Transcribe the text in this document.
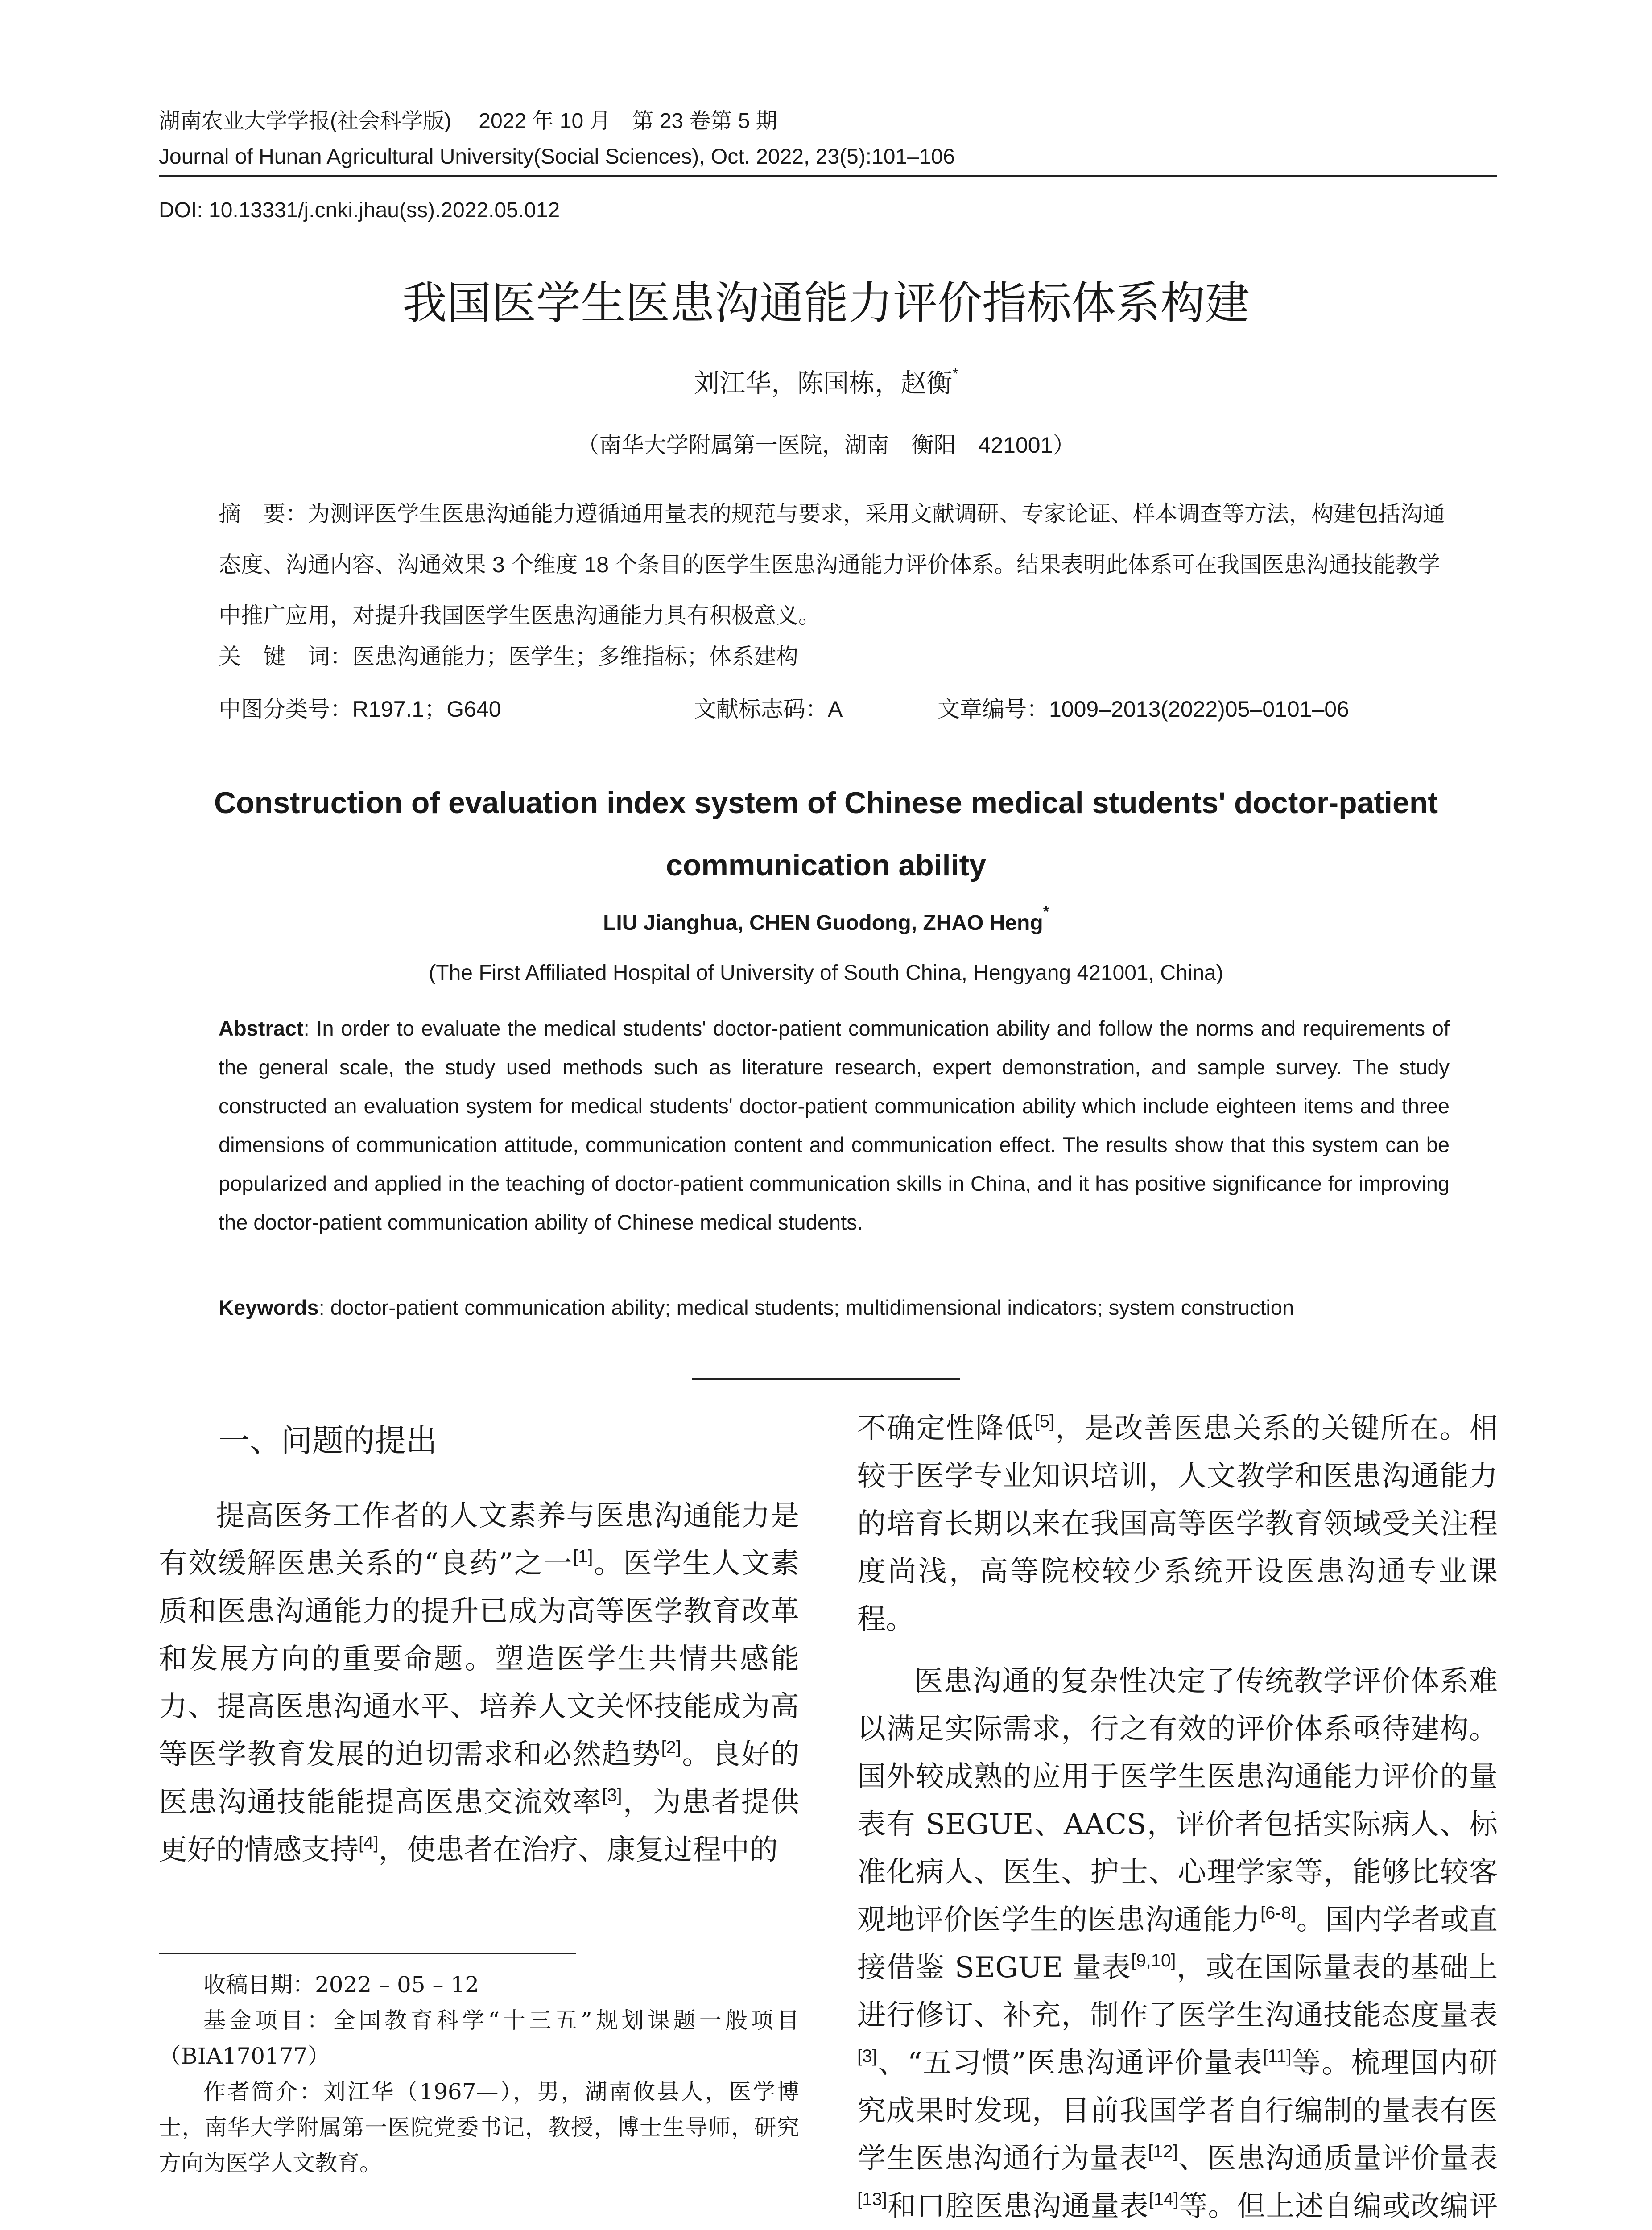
湖南农业大学学报(社会科学版)　 2022 年 10 月　第 23 卷第 5 期
Journal of Hunan Agricultural University(Social Sciences), Oct. 2022, 23(5):101–106
DOI: 10.13331/j.cnki.jhau(ss).2022.05.012
我国医学生医患沟通能力评价指标体系构建
刘江华，陈国栋，赵衡*
（南华大学附属第一医院，湖南　衡阳　421001）
摘　要：为测评医学生医患沟通能力遵循通用量表的规范与要求，采用文献调研、专家论证、样本调查等方法，构建包括沟通态度、沟通内容、沟通效果 3 个维度 18 个条目的医学生医患沟通能力评价体系。结果表明此体系可在我国医患沟通技能教学中推广应用，对提升我国医学生医患沟通能力具有积极意义。
关　键　词：医患沟通能力；医学生；多维指标；体系建构
中图分类号：R197.1；G640	文献标志码：A	文章编号：1009–2013(2022)05–0101–06
Construction of evaluation index system of Chinese medical students' doctor-patient communication ability
LIU Jianghua, CHEN Guodong, ZHAO Heng*
(The First Affiliated Hospital of University of South China, Hengyang 421001, China)
Abstract: In order to evaluate the medical students' doctor-patient communication ability and follow the norms and requirements of the general scale, the study used methods such as literature research, expert demonstration, and sample survey. The study constructed an evaluation system for medical students' doctor-patient communication ability which include eighteen items and three dimensions of communication attitude, communication content and communication effect. The results show that this system can be popularized and applied in the teaching of doctor-patient communication skills in China, and it has positive significance for improving the doctor-patient communication ability of Chinese medical students.
Keywords: doctor-patient communication ability; medical students; multidimensional indicators; system construction
一、问题的提出

提高医务工作者的人文素养与医患沟通能力是有效缓解医患关系的“良药”之一[1]。医学生人文素质和医患沟通能力的提升已成为高等医学教育改革和发展方向的重要命题。塑造医学生共情共感能力、提高医患沟通水平、培养人文关怀技能成为高等医学教育发展的迫切需求和必然趋势[2]。良好的医患沟通技能能提高医患交流效率[3]，为患者提供更好的情感支持[4]，使患者在治疗、康复过程中的

医患沟通的复杂性决定了传统教学评价体系难以满足实际需求，行之有效的评价体系亟待建构。国外较成熟的应用于医学生医患沟通能力评价的量表有 SEGUE、AACS，评价者包括实际病人、标准化病人、医生、护士、心理学家等，能够比较客观地评价医学生的医患沟通能力[6-8]。国内学者或直接借鉴 SEGUE 量表[9,10]，或在国际量表的基础上进行修订、补充，制作了医学生沟通技能态度量表[3]、“五习惯”医患沟通评价量表[11]等。梳理国内研究成果时发现，目前我国学者自行编制的量表有医学生医患沟通行为量表[12]、医患沟通质量评价量表[13]和口腔医患沟通量表[14]等。但上述自编或改编评

收稿日期：2022 – 05 – 12

基金项目：全国教育科学“十三五”规划课题一般项目（BIA170177）

作者简介：刘江华（1967—），男，湖南攸县人，医学博士，南华大学附属第一医院党委书记，教授，博士生导师，研究方向为医学人文教育。

不确定性降低[5]，是改善医患关系的关键所在。相较于医学专业知识培训，人文教学和医患沟通能力的培育长期以来在我国高等医学教育领域受关注程度尚浅，高等院校较少系统开设医患沟通专业课程。
